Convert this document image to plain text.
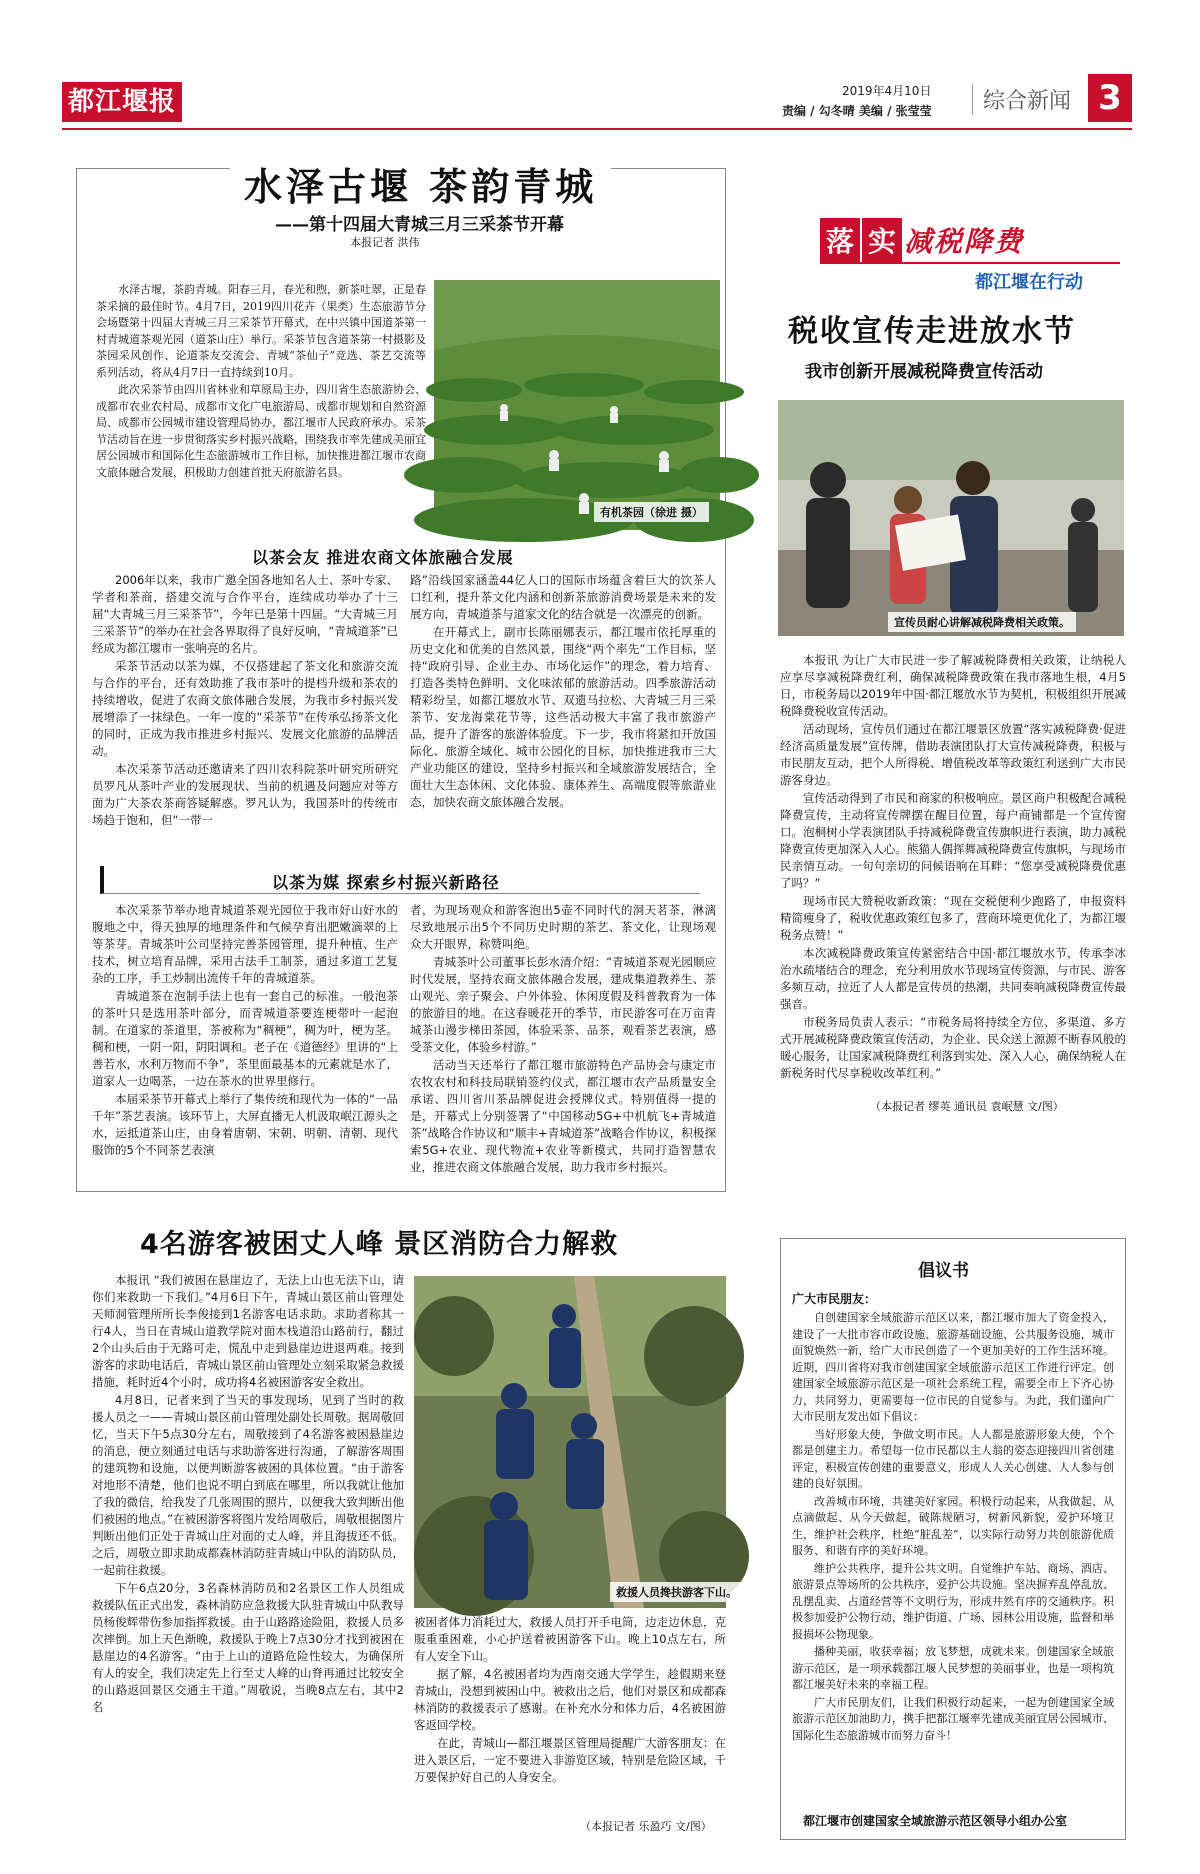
都江堰报	2019年4月10日
责编 / 勾冬晴 美编 / 张莹莹	综合新闻 3
水泽古堰 茶韵青城
——第十四届大青城三月三采茶节开幕
本报记者 洪伟

水泽古堰，茶韵青城。阳春三月，春光和煦，新茶吐翠，正是春茶采摘的最佳时节。4月7日，2019四川花卉（果类）生态旅游节分会场暨第十四届大青城三月三采茶节开幕式，在中兴镇中国道茶第一村青城道茶观光园（道茶山庄）举行。采茶节包含道茶第一村摄影及茶园采风创作、论道茶友交流会、青城“茶仙子”竞选、茶艺交流等系列活动，将从4月7日一直持续到10月。

此次采茶节由四川省林业和草原局主办，四川省生态旅游协会、成都市农业农村局、成都市文化广电旅游局、成都市规划和自然资源局、成都市公园城市建设管理局协办，都江堰市人民政府承办。采茶节活动旨在进一步贯彻落实乡村振兴战略，围绕我市率先建成美丽宜居公园城市和国际化生态旅游城市工作目标，加快推进都江堰市农商文旅体融合发展，积极助力创建首批天府旅游名县。

有机茶园（徐进 摄）
以茶会友 推进农商文体旅融合发展

2006年以来，我市广邀全国各地知名人士、茶叶专家、学者和茶商，搭建交流与合作平台，连续成功举办了十三届“大青城三月三采茶节”，今年已是第十四届。“大青城三月三采茶节”的举办在社会各界取得了良好反响，“青城道茶”已经成为都江堰市一张响亮的名片。

采茶节活动以茶为媒，不仅搭建起了茶文化和旅游交流与合作的平台，还有效助推了我市茶叶的提档升级和茶农的持续增收，促进了农商文旅体融合发展，为我市乡村振兴发展增添了一抹绿色。一年一度的“采茶节”在传承弘扬茶文化的同时，正成为我市推进乡村振兴、发展文化旅游的品牌活动。

本次采茶节活动还邀请来了四川农科院茶叶研究所研究员罗凡从茶叶产业的发展现状、当前的机遇及问题应对等方面为广大茶农茶商答疑解惑。罗凡认为，我国茶叶的传统市场趋于饱和，但“一带一

路”沿线国家涵盖44亿人口的国际市场蕴含着巨大的饮茶人口红利，提升茶文化内涵和创新茶旅游消费场景是未来的发展方向，青城道茶与道家文化的结合就是一次漂亮的创新。

在开幕式上，副市长陈丽娜表示，都江堰市依托厚重的历史文化和优美的自然风景，围绕“两个率先”工作目标，坚持“政府引导、企业主办、市场化运作”的理念，着力培育、打造各类特色鲜明、文化味浓郁的旅游活动。四季旅游活动精彩纷呈，如都江堰放水节、双遗马拉松、大青城三月三采茶节、安龙海棠花节等，这些活动极大丰富了我市旅游产品，提升了游客的旅游体验度。下一步，我市将紧扣开放国际化、旅游全域化、城市公园化的目标，加快推进我市三大产业功能区的建设，坚持乡村振兴和全域旅游发展结合，全面壮大生态休闲、文化体验、康体养生、高端度假等旅游业态，加快农商文旅体融合发展。

以茶为媒 探索乡村振兴新路径

本次采茶节举办地青城道茶观光园位于我市好山好水的腹地之中，得天独厚的地理条件和气候孕育出肥嫩滴翠的上等茶芽。青城茶叶公司坚持完善茶园管理，提升种植、生产技术，树立培育品牌，采用古法手工制茶，通过多道工艺复杂的工序，手工炒制出流传千年的青城道茶。

青城道茶在泡制手法上也有一套自己的标准。一般泡茶的茶叶只是选用茶叶部分，而青城道茶要连梗带叶一起泡制。在道家的茶道里，茶被称为“稠梗”，稠为叶，梗为茎。稠和梗，一阴一阳，阴阳调和。老子在《道德经》里讲的“上善若水，水利万物而不争”，茶里面最基本的元素就是水了，道家人一边喝茶，一边在茶水的世界里修行。

本届采茶节开幕式上举行了集传统和现代为一体的“一品千年”茶艺表演。该环节上，大屏直播无人机汲取岷江源头之水，运抵道茶山庄，由身着唐朝、宋朝、明朝、清朝、现代服饰的5个不同茶艺表演

者，为现场观众和游客泡出5壶不同时代的洞天茗茶，淋漓尽致地展示出5个不同历史时期的茶艺、茶文化，让现场观众大开眼界，称赞叫绝。

青城茶叶公司董事长彭水清介绍：“青城道茶观光园顺应时代发展，坚持农商文旅体融合发展，建成集道教养生、茶山观光、亲子聚会、户外体验、休闲度假及科普教育为一体的旅游目的地。在这春暖花开的季节，市民游客可在万亩青城茶山漫步梯田茶园，体验采茶、品茶，观看茶艺表演，感受茶文化，体验乡村游。”

活动当天还举行了都江堰市旅游特色产品协会与康定市农牧农村和科技局联销签约仪式，都江堰市农产品质量安全承诺、四川省川茶品牌促进会授牌仪式。特别值得一提的是，开幕式上分别签署了“中国移动5G+中机航飞+青城道茶”战略合作协议和“顺丰+青城道茶”战略合作协议，积极探索5G+农业、现代物流+农业等新模式，共同打造智慧农业，推进农商文体旅融合发展，助力我市乡村振兴。

4名游客被困丈人峰 景区消防合力解救

本报讯 “我们被困在悬崖边了，无法上山也无法下山，请你们来救助一下我们。”4月6日下午，青城山景区前山管理处天师洞管理所所长李俊接到1名游客电话求助。求助者称其一行4人，当日在青城山道教学院对面木栈道沿山路前行，翻过2个山头后由于无路可走，慌乱中走到悬崖边进退两难。接到游客的求助电话后，青城山景区前山管理处立刻采取紧急救援措施，耗时近4个小时，成功将4名被困游客安全救出。

4月8日，记者来到了当天的事发现场，见到了当时的救援人员之一——青城山景区前山管理处副处长周敬。据周敬回忆，当天下午5点30分左右，周敬接到了4名游客被困悬崖边的消息，便立刻通过电话与求助游客进行沟通，了解游客周围的建筑物和设施，以便判断游客被困的具体位置。“由于游客对地形不清楚，他们也说不明白到底在哪里，所以我就让他加了我的微信，给我发了几张周围的照片，以便我大致判断出他们被困的地点。”在被困游客将图片发给周敬后，周敬根据图片判断出他们正处于青城山庄对面的丈人峰，并且海拔还不低。之后，周敬立即求助成都森林消防驻青城山中队的消防队员，一起前往救援。

下午6点20分，3名森林消防员和2名景区工作人员组成救援队伍正式出发，森林消防应急救援大队驻青城山中队教导员杨俊辉带伤参加指挥救援。由于山路路途险阻，救援人员多次摔倒。加上天色渐晚，救援队于晚上7点30分才找到被困在悬崖边的4名游客。“由于上山的道路危险性较大，为确保所有人的安全，我们决定先上行至丈人峰的山脊再通过比较安全的山路返回景区交通主干道。”周敬说，当晚8点左右，其中2名

救援人员搀扶游客下山。

被困者体力消耗过大，救援人员打开手电筒，边走边休息，克服重重困难，小心护送着被困游客下山。晚上10点左右，所有人安全下山。

据了解，4名被困者均为西南交通大学学生，趁假期来登青城山，没想到被困山中。被救出之后，他们对景区和成都森林消防的救援表示了感谢。在补充水分和体力后，4名被困游客返回学校。

在此，青城山—都江堰景区管理局提醒广大游客朋友：在进入景区后，一定不要进入非游览区域，特别是危险区域，千万要保护好自己的人身安全。

（本报记者 乐盈巧 文/图）
落 实 减税降费
都江堰在行动
税收宣传走进放水节
我市创新开展减税降费宣传活动
宣传员耐心讲解减税降费相关政策。

本报讯 为让广大市民进一步了解减税降费相关政策，让纳税人应享尽享减税降费红利，确保减税降费政策在我市落地生根，4月5日，市税务局以2019年中国·都江堰放水节为契机，积极组织开展减税降费税收宣传活动。

活动现场，宣传员们通过在都江堰景区放置“落实减税降费·促进经济高质量发展”宣传牌，借助表演团队打大宣传减税降费，积极与市民朋友互动，把个人所得税、增值税改革等政策红利送到广大市民游客身边。

宣传活动得到了市民和商家的积极响应。景区商户积极配合减税降费宣传，主动将宣传牌摆在醒目位置，每户商铺都是一个宣传窗口。泡桐树小学表演团队手持减税降费宣传旗帜进行表演，助力减税降费宣传更加深入人心。熊猫人偶挥舞减税降费宣传旗帜，与现场市民亲情互动。一句句亲切的问候语响在耳畔：“您享受减税降费优惠了吗？”

现场市民大赞税收新政策：“现在交税便利少跑路了，申报资料精简瘦身了，税收优惠政策红包多了，营商环境更优化了，为都江堰税务点赞！”

本次减税降费政策宣传紧密结合中国·都江堰放水节，传承李冰治水疏堵结合的理念，充分利用放水节现场宣传资源，与市民、游客多频互动，拉近了人人都是宣传员的热潮，共同奏响减税降费宣传最强音。

市税务局负责人表示：“市税务局将持续全方位、多渠道、多方式开展减税降费政策宣传活动，为企业、民众送上源源不断春风般的暖心服务，让国家减税降费红利落到实处、深入人心，确保纳税人在新税务时代尽享税收改革红利。”

（本报记者 缪英 通讯员 袁岷慧 文/图）
倡议书
广大市民朋友：

自创建国家全域旅游示范区以来，都江堰市加大了资金投入，建设了一大批市容市政设施、旅游基础设施、公共服务设施，城市面貌焕然一新，给广大市民创造了一个更加美好的工作生活环境。近期，四川省将对我市创建国家全域旅游示范区工作进行评定。创建国家全域旅游示范区是一项社会系统工程，需要全市上下齐心协力，共同努力，更需要每一位市民的自觉参与。为此，我们谨向广大市民朋友发出如下倡议：

当好形象大使，争做文明市民。人人都是旅游形象大使，个个都是创建主力。希望每一位市民都以主人翁的姿态迎接四川省创建评定，积极宣传创建的重要意义，形成人人关心创建、人人参与创建的良好氛围。

改善城市环境，共建美好家园。积极行动起来，从我做起、从点滴做起、从今天做起，破陈规陋习，树新风新貌，爱护环境卫生，维护社会秩序，杜绝“脏乱差”，以实际行动努力共创旅游优质服务、和谐有序的美好环境。

维护公共秩序，提升公共文明。自觉维护车站、商场、酒店、旅游景点等场所的公共秩序，爱护公共设施。坚决摒弃乱停乱放、乱摆乱卖、占道经营等不文明行为，形成井然有序的交通秩序。积极参加爱护公物行动，维护街道、广场、园林公用设施，监督和举报损坏公物现象。

播种美丽，收获幸福；放飞梦想，成就未来。创建国家全域旅游示范区，是一项承载都江堰人民梦想的美丽事业，也是一项构筑都江堰美好未来的幸福工程。

广大市民朋友们，让我们积极行动起来，一起为创建国家全域旅游示范区加油助力，携手把都江堰率先建成美丽宜居公园城市、国际化生态旅游城市而努力奋斗！

都江堰市创建国家全域旅游示范区领导小组办公室
